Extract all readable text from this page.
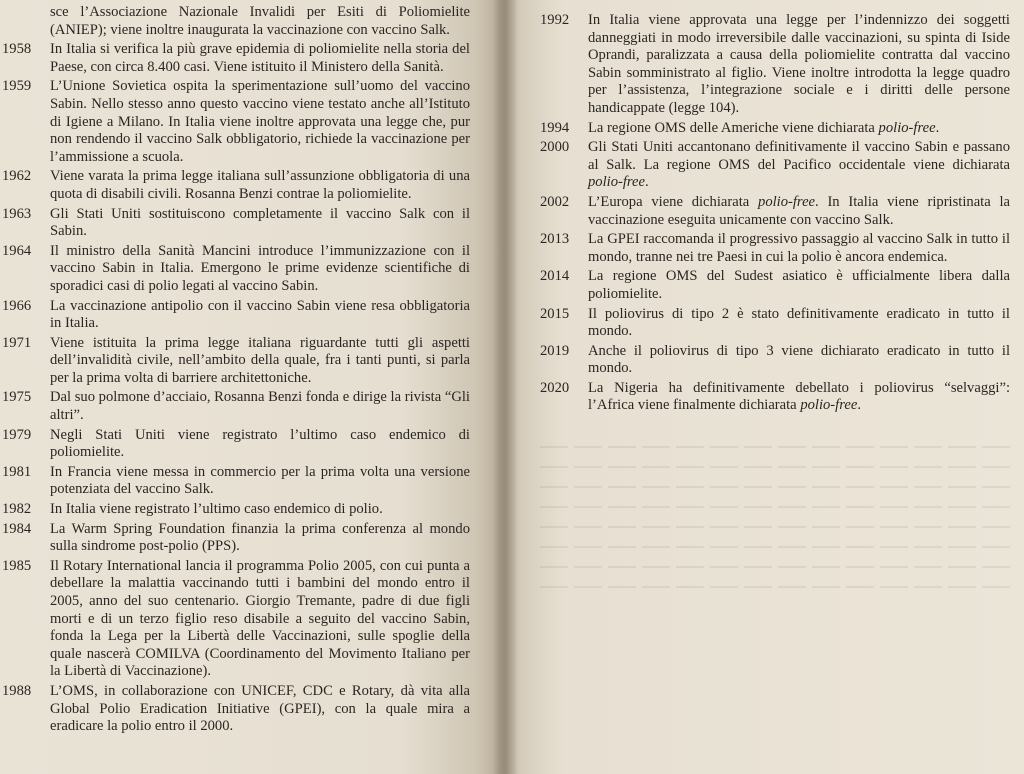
sce l’Associazione Nazionale Invalidi per Esiti di Poliomielite (ANIEP); viene inoltre inaugurata la vaccinazione con vaccino Salk.
1958	In Italia si verifica la più grave epidemia di poliomielite nella storia del Paese, con circa 8.400 casi. Viene istituito il Ministero della Sanità.
1959	L’Unione Sovietica ospita la sperimentazione sull’uomo del vaccino Sabin. Nello stesso anno questo vaccino viene testato anche all’Istituto di Igiene a Milano. In Italia viene inoltre approvata una legge che, pur non rendendo il vaccino Salk obbligatorio, richiede la vaccinazione per l’ammissione a scuola.
1962	Viene varata la prima legge italiana sull’assunzione obbligatoria di una quota di disabili civili. Rosanna Benzi contrae la poliomielite.
1963	Gli Stati Uniti sostituiscono completamente il vaccino Salk con il Sabin.
1964	Il ministro della Sanità Mancini introduce l’immunizzazione con il vaccino Sabin in Italia. Emergono le prime evidenze scientifiche di sporadici casi di polio legati al vaccino Sabin.
1966	La vaccinazione antipolio con il vaccino Sabin viene resa obbligatoria in Italia.
1971	Viene istituita la prima legge italiana riguardante tutti gli aspetti dell’invalidità civile, nell’ambito della quale, fra i tanti punti, si parla per la prima volta di barriere architettoniche.
1975	Dal suo polmone d’acciaio, Rosanna Benzi fonda e dirige la rivista “Gli altri”.
1979	Negli Stati Uniti viene registrato l’ultimo caso endemico di poliomielite.
1981	In Francia viene messa in commercio per la prima volta una versione potenziata del vaccino Salk.
1982	In Italia viene registrato l’ultimo caso endemico di polio.
1984	La Warm Spring Foundation finanzia la prima conferenza al mondo sulla sindrome post-polio (PPS).
1985	Il Rotary International lancia il programma Polio 2005, con cui punta a debellare la malattia vaccinando tutti i bambini del mondo entro il 2005, anno del suo centenario. Giorgio Tremante, padre di due figli morti e di un terzo figlio reso disabile a seguito del vaccino Sabin, fonda la Lega per la Libertà delle Vaccinazioni, sulle spoglie della quale nascerà COMILVA (Coordinamento del Movimento Italiano per la Libertà di Vaccinazione).
1988	L’OMS, in collaborazione con UNICEF, CDC e Rotary, dà vita alla Global Polio Eradication Initiative (GPEI), con la quale mira a eradicare la polio entro il 2000.
1992	In Italia viene approvata una legge per l’indennizzo dei soggetti danneggiati in modo irreversibile dalle vaccinazioni, su spinta di Iside Oprandi, paralizzata a causa della poliomielite contratta dal vaccino Sabin somministrato al figlio. Viene inoltre introdotta la legge quadro per l’assistenza, l’integrazione sociale e i diritti delle persone handicappate (legge 104).
1994	La regione OMS delle Americhe viene dichiarata polio-free.
2000	Gli Stati Uniti accantonano definitivamente il vaccino Sabin e passano al Salk. La regione OMS del Pacifico occidentale viene dichiarata polio-free.
2002	L’Europa viene dichiarata polio-free. In Italia viene ripristinata la vaccinazione eseguita unicamente con vaccino Salk.
2013	La GPEI raccomanda il progressivo passaggio al vaccino Salk in tutto il mondo, tranne nei tre Paesi in cui la polio è ancora endemica.
2014	La regione OMS del Sudest asiatico è ufficialmente libera dalla poliomielite.
2015	Il poliovirus di tipo 2 è stato definitivamente eradicato in tutto il mondo.
2019	Anche il poliovirus di tipo 3 viene dichiarato eradicato in tutto il mondo.
2020	La Nigeria ha definitivamente debellato i poliovirus “selvaggi”: l’Africa viene finalmente dichiarata polio-free.
